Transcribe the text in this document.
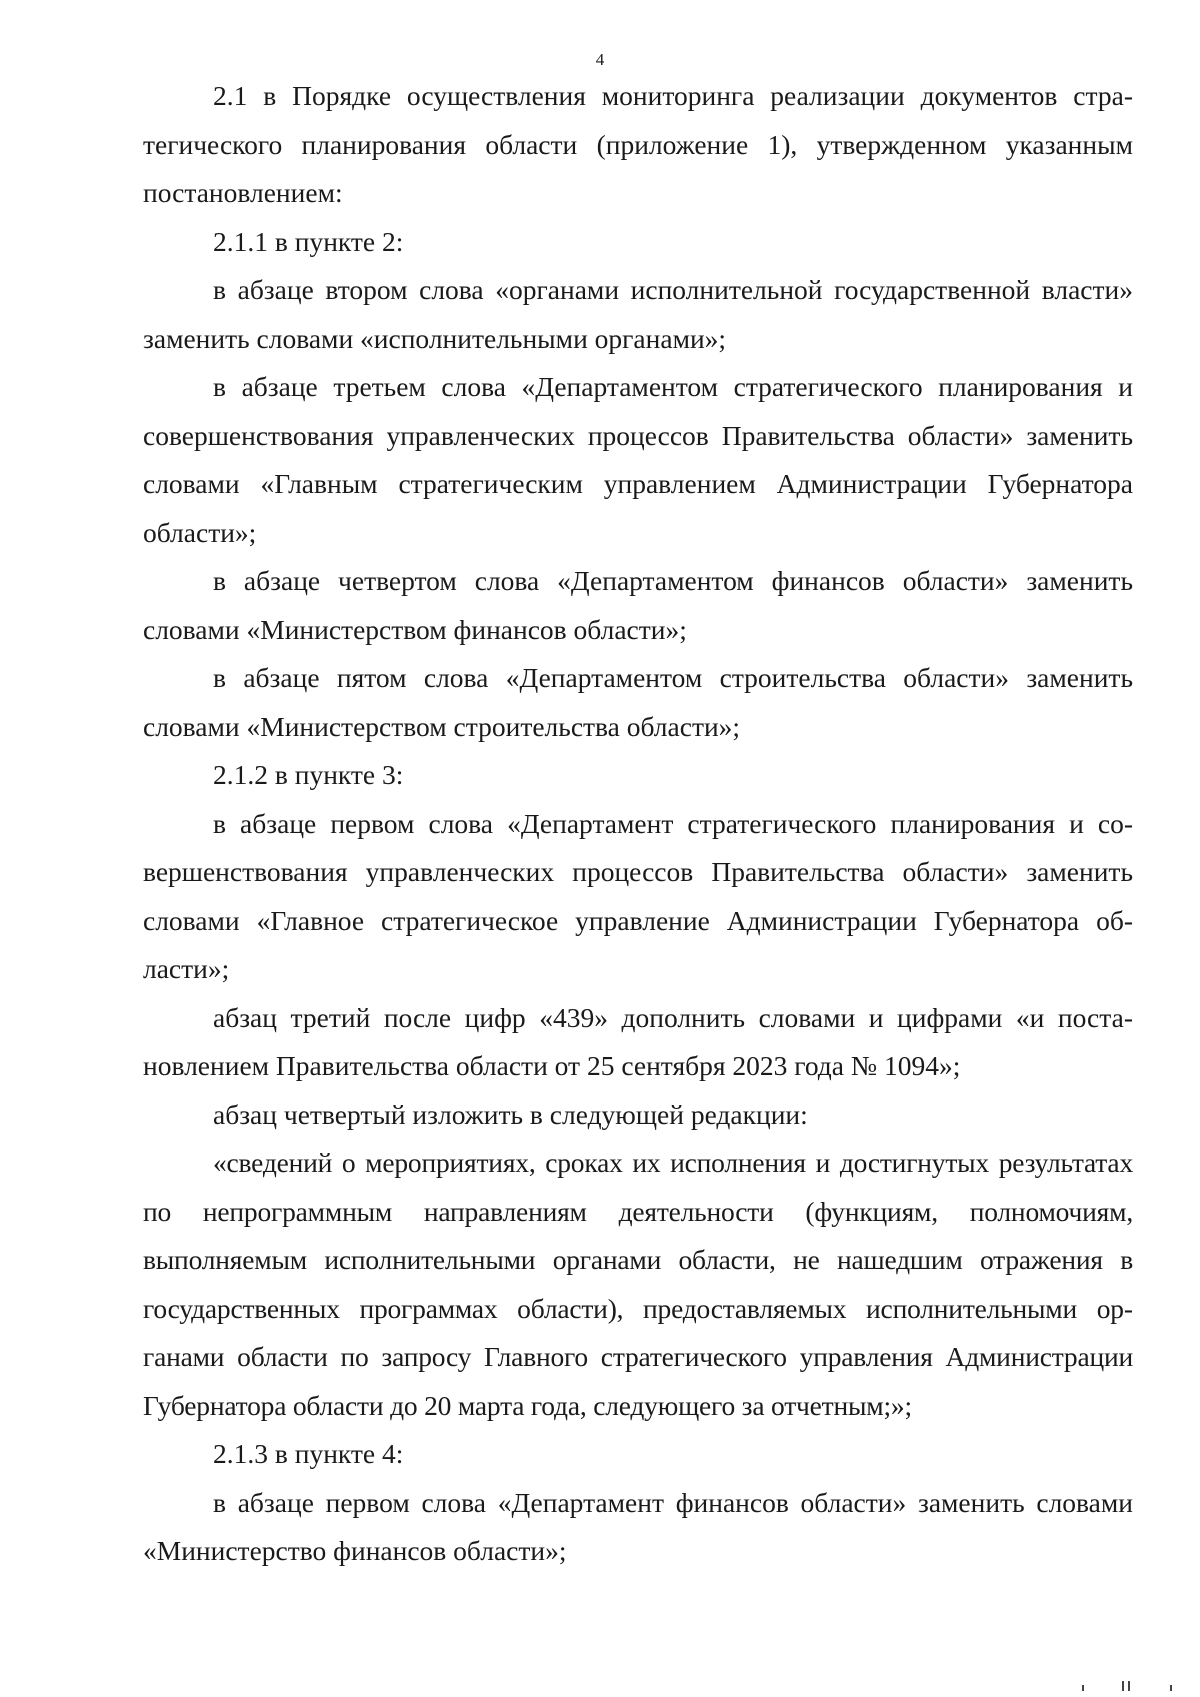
4

2.1 в Порядке осуществления мониторинга реализации документов стратегического планирования области (приложение 1), утвержденном указанным постановлением:

2.1.1 в пункте 2:

в абзаце втором слова «органами исполнительной государственной власти» заменить словами «исполнительными органами»;

в абзаце третьем слова «Департаментом стратегического планирования и совершенствования управленческих процессов Правительства области» заменить словами «Главным стратегическим управлением Администрации Губернатора области»;

в абзаце четвертом слова «Департаментом финансов области» заменить словами «Министерством финансов области»;

в абзаце пятом слова «Департаментом строительства области» заменить словами «Министерством строительства области»;

2.1.2 в пункте 3:

в абзаце первом слова «Департамент стратегического планирования и совершенствования управленческих процессов Правительства области» заменить словами «Главное стратегическое управление Администрации Губернатора области»;

абзац третий после цифр «439» дополнить словами и цифрами «и постановлением Правительства области от 25 сентября 2023 года № 1094»;

абзац четвертый изложить в следующей редакции:

«сведений о мероприятиях, сроках их исполнения и достигнутых результатах по непрограммным направлениям деятельности (функциям, полномочиям, выполняемым исполнительными органами области, не нашедшим отражения в государственных программах области), предоставляемых исполнительными органами области по запросу Главного стратегического управления Администрации Губернатора области до 20 марта года, следующего за отчетным;»;

2.1.3 в пункте 4:

в абзаце первом слова «Департамент финансов области» заменить словами «Министерство финансов области»;
